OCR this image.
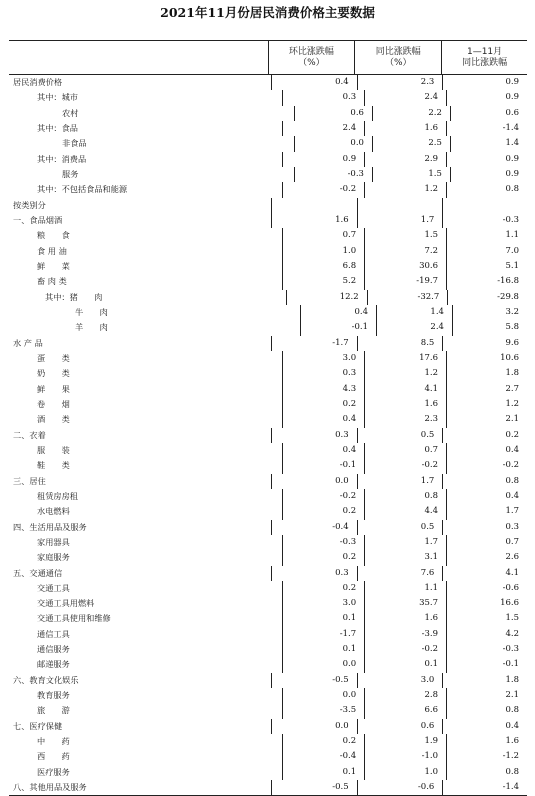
2021年11月份居民消费价格主要数据
环比涨跌幅
（%）
同比涨跌幅
（%）
1—11月
同比涨跌幅
居民消费价格	0.4	2.3	0.9
其中：城市	0.3	2.4	0.9
农村	0.6	2.2	0.6
其中：食品	2.4	1.6	-1.4
非食品	0.0	2.5	1.4
其中：消费品	0.9	2.9	0.9
服务	-0.3	1.5	0.9
其中：不包括食品和能源	-0.2	1.2	0.8
按类别分
一、食品烟酒	1.6	1.7	-0.3
粮　　食	0.7	1.5	1.1
食 用 油	1.0	7.2	7.0
鲜　　菜	6.8	30.6	5.1
畜 肉 类	5.2	-19.7	-16.8
其中：猪　　肉	12.2	-32.7	-29.8
牛　　肉	0.4	1.4	3.2
羊　　肉	-0.1	2.4	5.8
水 产 品	-1.7	8.5	9.6
蛋　　类	3.0	17.6	10.6
奶　　类	0.3	1.2	1.8
鲜　　果	4.3	4.1	2.7
卷　　烟	0.2	1.6	1.2
酒　　类	0.4	2.3	2.1
二、衣着	0.3	0.5	0.2
服　　装	0.4	0.7	0.4
鞋　　类	-0.1	-0.2	-0.2
三、居住	0.0	1.7	0.8
租赁房房租	-0.2	0.8	0.4
水电燃料	0.2	4.4	1.7
四、生活用品及服务	-0.4	0.5	0.3
家用器具	-0.3	1.7	0.7
家庭服务	0.2	3.1	2.6
五、交通通信	0.3	7.6	4.1
交通工具	0.2	1.1	-0.6
交通工具用燃料	3.0	35.7	16.6
交通工具使用和维修	0.1	1.6	1.5
通信工具	-1.7	-3.9	4.2
通信服务	0.1	-0.2	-0.3
邮递服务	0.0	0.1	-0.1
六、教育文化娱乐	-0.5	3.0	1.8
教育服务	0.0	2.8	2.1
旅　　游	-3.5	6.6	0.8
七、医疗保健	0.0	0.6	0.4
中　　药	0.2	1.9	1.6
西　　药	-0.4	-1.0	-1.2
医疗服务	0.1	1.0	0.8
八、其他用品及服务	-0.5	-0.6	-1.4
